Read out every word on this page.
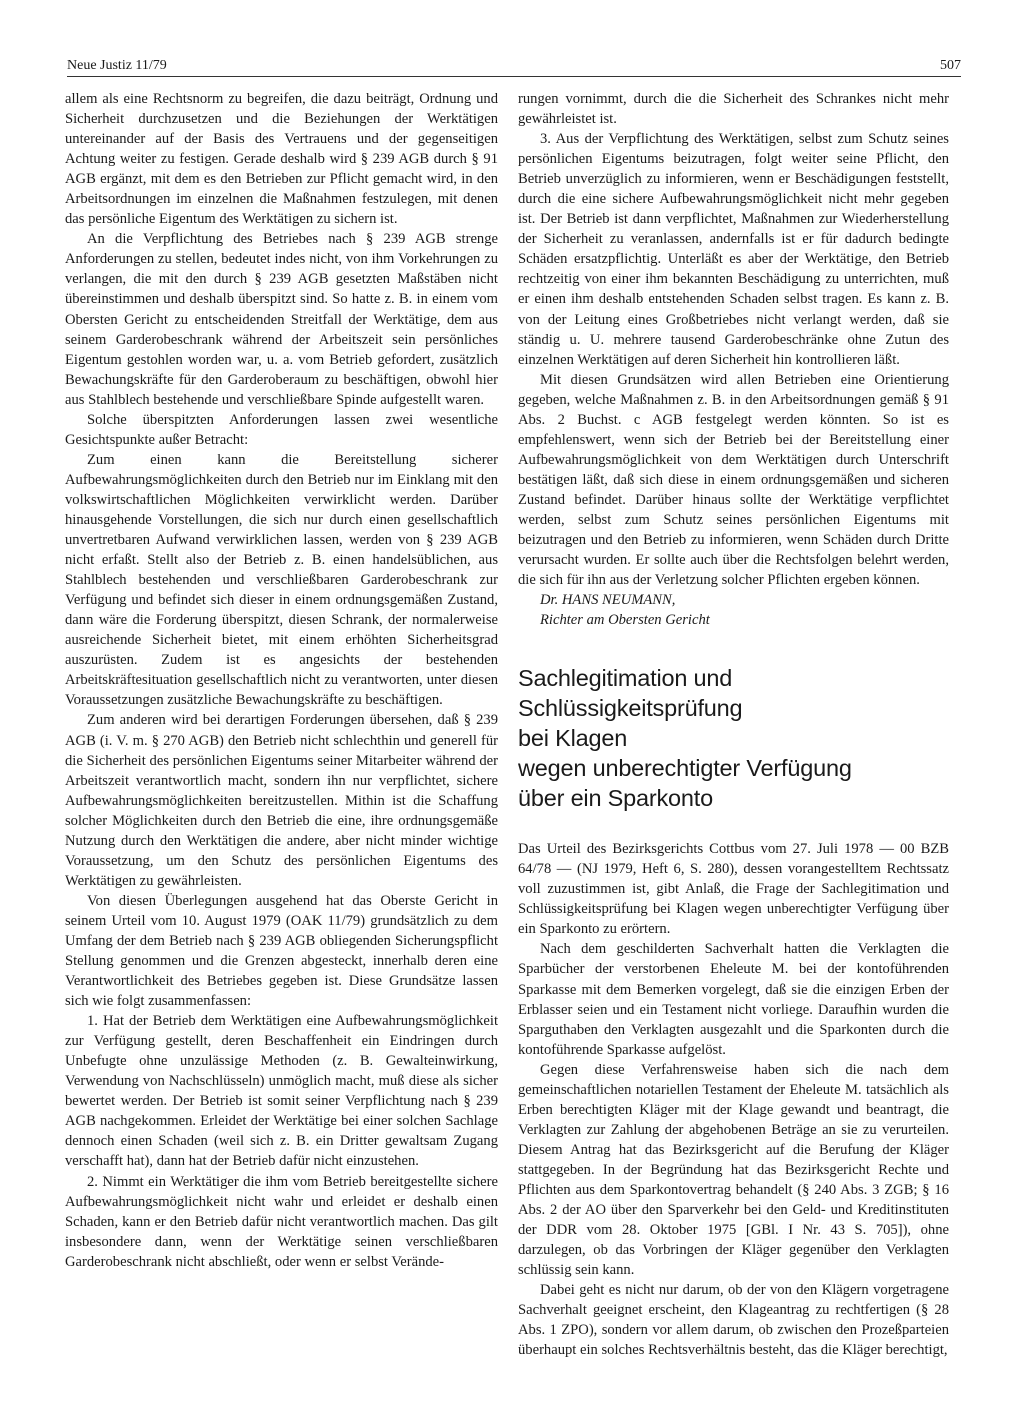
Neue Justiz 11/79	507

allem als eine Rechtsnorm zu begreifen, die dazu beiträgt, Ordnung und Sicherheit durchzusetzen und die Beziehungen der Werktätigen untereinander auf der Basis des Vertrauens und der gegenseitigen Achtung weiter zu festigen. Gerade deshalb wird § 239 AGB durch § 91 AGB ergänzt, mit dem es den Betrieben zur Pflicht gemacht wird, in den Arbeitsordnungen im einzelnen die Maßnahmen festzulegen, mit denen das persönliche Eigentum des Werktätigen zu sichern ist.

An die Verpflichtung des Betriebes nach § 239 AGB strenge Anforderungen zu stellen, bedeutet indes nicht, von ihm Vorkehrungen zu verlangen, die mit den durch § 239 AGB gesetzten Maßstäben nicht übereinstimmen und deshalb überspitzt sind. So hatte z. B. in einem vom Obersten Gericht zu entscheidenden Streitfall der Werktätige, dem aus seinem Garderobeschrank während der Arbeitszeit sein persönliches Eigentum gestohlen worden war, u. a. vom Betrieb gefordert, zusätzlich Bewachungskräfte für den Garderoberaum zu beschäftigen, obwohl hier aus Stahlblech bestehende und verschließbare Spinde aufgestellt waren.

Solche überspitzten Anforderungen lassen zwei wesentliche Gesichtspunkte außer Betracht:

Zum einen kann die Bereitstellung sicherer Aufbewahrungsmöglichkeiten durch den Betrieb nur im Einklang mit den volkswirtschaftlichen Möglichkeiten verwirklicht werden. Darüber hinausgehende Vorstellungen, die sich nur durch einen gesellschaftlich unvertretbaren Aufwand verwirklichen lassen, werden von § 239 AGB nicht erfaßt. Stellt also der Betrieb z. B. einen handelsüblichen, aus Stahlblech bestehenden und verschließbaren Garderobeschrank zur Verfügung und befindet sich dieser in einem ordnungsgemäßen Zustand, dann wäre die Forderung überspitzt, diesen Schrank, der normalerweise ausreichende Sicherheit bietet, mit einem erhöhten Sicherheitsgrad auszurüsten. Zudem ist es angesichts der bestehenden Arbeitskräftesituation gesellschaftlich nicht zu verantworten, unter diesen Voraussetzungen zusätzliche Bewachungskräfte zu beschäftigen.

Zum anderen wird bei derartigen Forderungen übersehen, daß § 239 AGB (i. V. m. § 270 AGB) den Betrieb nicht schlechthin und generell für die Sicherheit des persönlichen Eigentums seiner Mitarbeiter während der Arbeitszeit verantwortlich macht, sondern ihn nur verpflichtet, sichere Aufbewahrungsmöglichkeiten bereitzustellen. Mithin ist die Schaffung solcher Möglichkeiten durch den Betrieb die eine, ihre ordnungsgemäße Nutzung durch den Werktätigen die andere, aber nicht minder wichtige Voraussetzung, um den Schutz des persönlichen Eigentums des Werktätigen zu gewährleisten.

Von diesen Überlegungen ausgehend hat das Oberste Gericht in seinem Urteil vom 10. August 1979 (OAK 11/79) grundsätzlich zu dem Umfang der dem Betrieb nach § 239 AGB obliegenden Sicherungspflicht Stellung genommen und die Grenzen abgesteckt, innerhalb deren eine Verantwortlichkeit des Betriebes gegeben ist. Diese Grundsätze lassen sich wie folgt zusammenfassen:

1. Hat der Betrieb dem Werktätigen eine Aufbewahrungsmöglichkeit zur Verfügung gestellt, deren Beschaffenheit ein Eindringen durch Unbefugte ohne unzulässige Methoden (z. B. Gewalteinwirkung, Verwendung von Nachschlüsseln) unmöglich macht, muß diese als sicher bewertet werden. Der Betrieb ist somit seiner Verpflichtung nach § 239 AGB nachgekommen. Erleidet der Werktätige bei einer solchen Sachlage dennoch einen Schaden (weil sich z. B. ein Dritter gewaltsam Zugang verschafft hat), dann hat der Betrieb dafür nicht einzustehen.

2. Nimmt ein Werktätiger die ihm vom Betrieb bereitgestellte sichere Aufbewahrungsmöglichkeit nicht wahr und erleidet er deshalb einen Schaden, kann er den Betrieb dafür nicht verantwortlich machen. Das gilt insbesondere dann, wenn der Werktätige seinen verschließbaren Garderobeschrank nicht abschließt, oder wenn er selbst Verände-

rungen vornimmt, durch die die Sicherheit des Schrankes nicht mehr gewährleistet ist.

3. Aus der Verpflichtung des Werktätigen, selbst zum Schutz seines persönlichen Eigentums beizutragen, folgt weiter seine Pflicht, den Betrieb unverzüglich zu informieren, wenn er Beschädigungen feststellt, durch die eine sichere Aufbewahrungsmöglichkeit nicht mehr gegeben ist. Der Betrieb ist dann verpflichtet, Maßnahmen zur Wiederherstellung der Sicherheit zu veranlassen, andernfalls ist er für dadurch bedingte Schäden ersatzpflichtig. Unterläßt es aber der Werktätige, den Betrieb rechtzeitig von einer ihm bekannten Beschädigung zu unterrichten, muß er einen ihm deshalb entstehenden Schaden selbst tragen. Es kann z. B. von der Leitung eines Großbetriebes nicht verlangt werden, daß sie ständig u. U. mehrere tausend Garderobeschränke ohne Zutun des einzelnen Werktätigen auf deren Sicherheit hin kontrollieren läßt.

Mit diesen Grundsätzen wird allen Betrieben eine Orientierung gegeben, welche Maßnahmen z. B. in den Arbeitsordnungen gemäß § 91 Abs. 2 Buchst. c AGB festgelegt werden könnten. So ist es empfehlenswert, wenn sich der Betrieb bei der Bereitstellung einer Aufbewahrungsmöglichkeit von dem Werktätigen durch Unterschrift bestätigen läßt, daß sich diese in einem ordnungsgemäßen und sicheren Zustand befindet. Darüber hinaus sollte der Werktätige verpflichtet werden, selbst zum Schutz seines persönlichen Eigentums mit beizutragen und den Betrieb zu informieren, wenn Schäden durch Dritte verursacht wurden. Er sollte auch über die Rechtsfolgen belehrt werden, die sich für ihn aus der Verletzung solcher Pflichten ergeben können.

Dr. HANS NEUMANN,
Richter am Obersten Gericht

Sachlegitimation und Schlüssigkeitsprüfung
bei Klagen
wegen unberechtigter Verfügung
über ein Sparkonto

Das Urteil des Bezirksgerichts Cottbus vom 27. Juli 1978 — 00 BZB 64/78 — (NJ 1979, Heft 6, S. 280), dessen vorangestelltem Rechtssatz voll zuzustimmen ist, gibt Anlaß, die Frage der Sachlegitimation und Schlüssigkeitsprüfung bei Klagen wegen unberechtigter Verfügung über ein Sparkonto zu erörtern.

Nach dem geschilderten Sachverhalt hatten die Verklagten die Sparbücher der verstorbenen Eheleute M. bei der kontoführenden Sparkasse mit dem Bemerken vorgelegt, daß sie die einzigen Erben der Erblasser seien und ein Testament nicht vorliege. Daraufhin wurden die Sparguthaben den Verklagten ausgezahlt und die Sparkonten durch die kontoführende Sparkasse aufgelöst.

Gegen diese Verfahrensweise haben sich die nach dem gemeinschaftlichen notariellen Testament der Eheleute M. tatsächlich als Erben berechtigten Kläger mit der Klage gewandt und beantragt, die Verklagten zur Zahlung der abgehobenen Beträge an sie zu verurteilen. Diesem Antrag hat das Bezirksgericht auf die Berufung der Kläger stattgegeben. In der Begründung hat das Bezirksgericht Rechte und Pflichten aus dem Sparkontovertrag behandelt (§ 240 Abs. 3 ZGB; § 16 Abs. 2 der AO über den Sparverkehr bei den Geld- und Kreditinstituten der DDR vom 28. Oktober 1975 [GBl. I Nr. 43 S. 705]), ohne darzulegen, ob das Vorbringen der Kläger gegenüber den Verklagten schlüssig sein kann.

Dabei geht es nicht nur darum, ob der von den Klägern vorgetragene Sachverhalt geeignet erscheint, den Klageantrag zu rechtfertigen (§ 28 Abs. 1 ZPO), sondern vor allem darum, ob zwischen den Prozeßparteien überhaupt ein solches Rechtsverhältnis besteht, das die Kläger berechtigt,
